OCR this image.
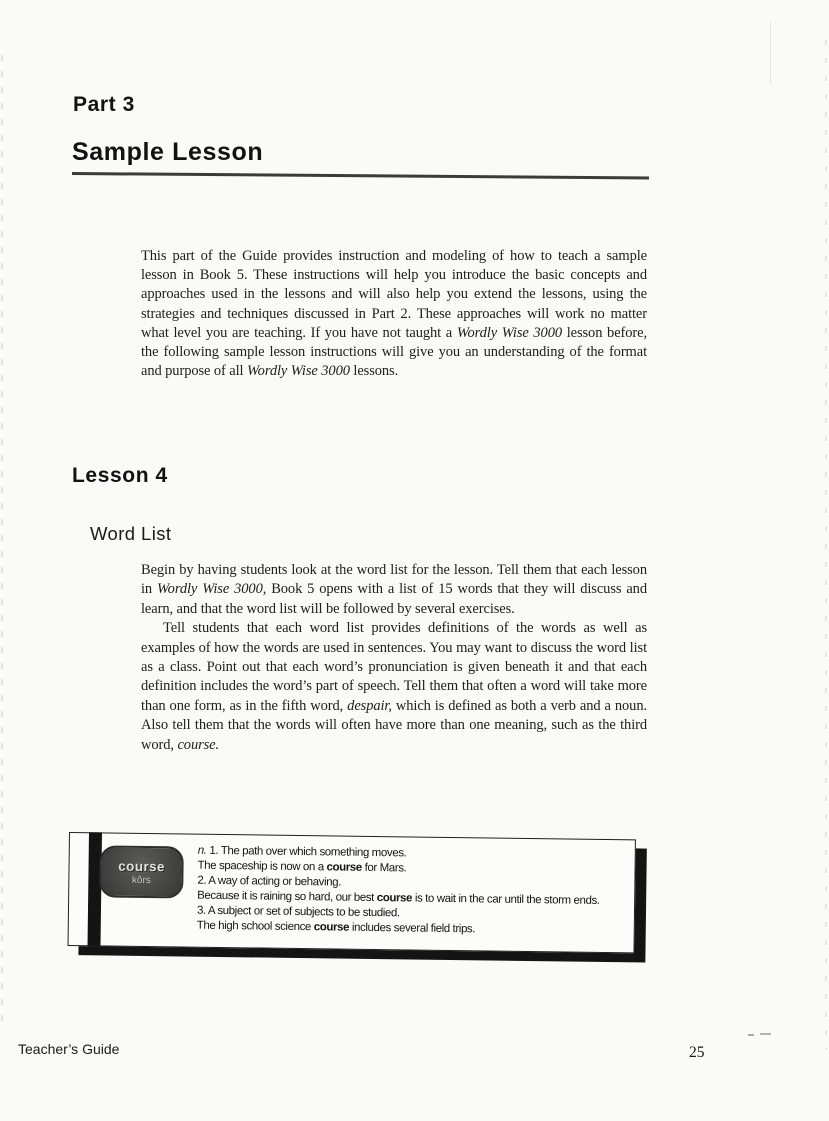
Part 3
Sample Lesson

This part of the Guide provides instruction and modeling of how to teach a sample lesson in Book 5. These instructions will help you introduce the basic concepts and approaches used in the lessons and will also help you extend the lessons, using the strategies and techniques discussed in Part 2. These approaches will work no matter what level you are teaching. If you have not taught a Wordly Wise 3000 lesson before, the following sample lesson instructions will give you an understanding of the format and purpose of all Wordly Wise 3000 lessons.

Lesson 4
Word List

Begin by having students look at the word list for the lesson. Tell them that each lesson in Wordly Wise 3000, Book 5 opens with a list of 15 words that they will discuss and learn, and that the word list will be followed by several exercises.

Tell students that each word list provides definitions of the words as well as examples of how the words are used in sentences. You may want to discuss the word list as a class. Point out that each word’s pronunciation is given beneath it and that each definition includes the word’s part of speech. Tell them that often a word will take more than one form, as in the fifth word, despair, which is defined as both a verb and a noun. Also tell them that the words will often have more than one meaning, such as the third word, course.

course
kôrs
n. 1. The path over which something moves.
The spaceship is now on a course for Mars.
2. A way of acting or behaving.
Because it is raining so hard, our best course is to wait in the car until the storm ends.
3. A subject or set of subjects to be studied.
The high school science course includes several field trips.
Teacher’s Guide	25
